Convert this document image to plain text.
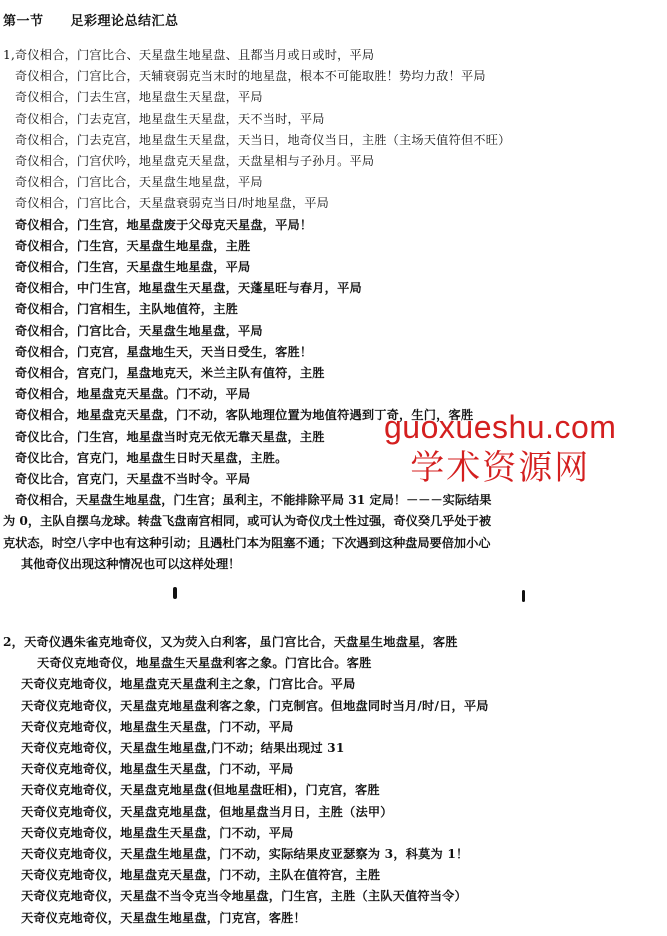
第一节 足彩理论总结汇总
1,奇仪相合，门宫比合、天星盘生地星盘、且都当月或日或时，平局
奇仪相合，门宫比合，天辅衰弱克当末时的地星盘，根本不可能取胜！势均力敌！平局
奇仪相合，门去生宫，地星盘生天星盘，平局
奇仪相合，门去克宫，地星盘生天星盘，天不当时，平局
奇仪相合，门去克宫，地星盘生天星盘，天当日，地奇仪当日，主胜（主场天值符但不旺）
奇仪相合，门宫伏吟，地星盘克天星盘，天盘星相与子孙月。平局
奇仪相合，门宫比合，天星盘生地星盘，平局
奇仪相合，门宫比合，天星盘衰弱克当日/时地星盘，平局
奇仪相合，门生宫，地星盘废于父母克天星盘，平局！
奇仪相合，门生宫，天星盘生地星盘，主胜
奇仪相合，门生宫，天星盘生地星盘，平局
奇仪相合，中门生宫，地星盘生天星盘，天蓬星旺与春月，平局
奇仪相合，门宫相生，主队地值符，主胜
奇仪相合，门宫比合，天星盘生地星盘，平局
奇仪相合，门克宫，星盘地生天，天当日受生，客胜！
奇仪相合，宫克门，星盘地克天，米兰主队有值符，主胜
奇仪相合，地星盘克天星盘。门不动，平局
奇仪相合，地星盘克天星盘，门不动，客队地理位置为地值符遇到丁奇，生门，客胜
奇仪比合，门生宫，地星盘当时克无依无靠天星盘，主胜
奇仪比合，宫克门，地星盘生日时天星盘，主胜。
奇仪比合，宫克门，天星盘不当时令。平局
奇仪相合，天星盘生地星盘，门生宫；虽利主，不能排除平局 31 定局！－－－实际结果
为 0，主队自摆乌龙球。转盘飞盘南宫相同，或可认为奇仪戊土性过强，奇仪癸几乎处于被
克状态，时空八字中也有这种引动；且遇杜门本为阻塞不通；下次遇到这种盘局要倍加小心
其他奇仪出现这种情况也可以这样处理！
2，天奇仪遇朱雀克地奇仪，又为荧入白利客，虽门宫比合，天盘星生地盘星，客胜
天奇仪克地奇仪，地星盘生天星盘利客之象。门宫比合。客胜
天奇仪克地奇仪，地星盘克天星盘利主之象，门宫比合。平局
天奇仪克地奇仪，天星盘克地星盘利客之象，门克制宫。但地盘同时当月/时/日，平局
天奇仪克地奇仪，地星盘生天星盘，门不动，平局
天奇仪克地奇仪，天星盘生地星盘,门不动；结果出现过 31
天奇仪克地奇仪，地星盘生天星盘，门不动，平局
天奇仪克地奇仪，天星盘克地星盘(但地星盘旺相)，门克宫，客胜
天奇仪克地奇仪，天星盘克地星盘，但地星盘当月日，主胜（法甲）
天奇仪克地奇仪，地星盘生天星盘，门不动，平局
天奇仪克地奇仪，天星盘生地星盘，门不动，实际结果皮亚瑟察为 3，科莫为 1！
天奇仪克地奇仪，地星盘克天星盘，门不动，主队在值符宫，主胜
天奇仪克地奇仪，天星盘不当令克当令地星盘，门生宫，主胜（主队天值符当令）
天奇仪克地奇仪，天星盘生地星盘，门克宫，客胜！
guoxueshu.com
学术资源网
